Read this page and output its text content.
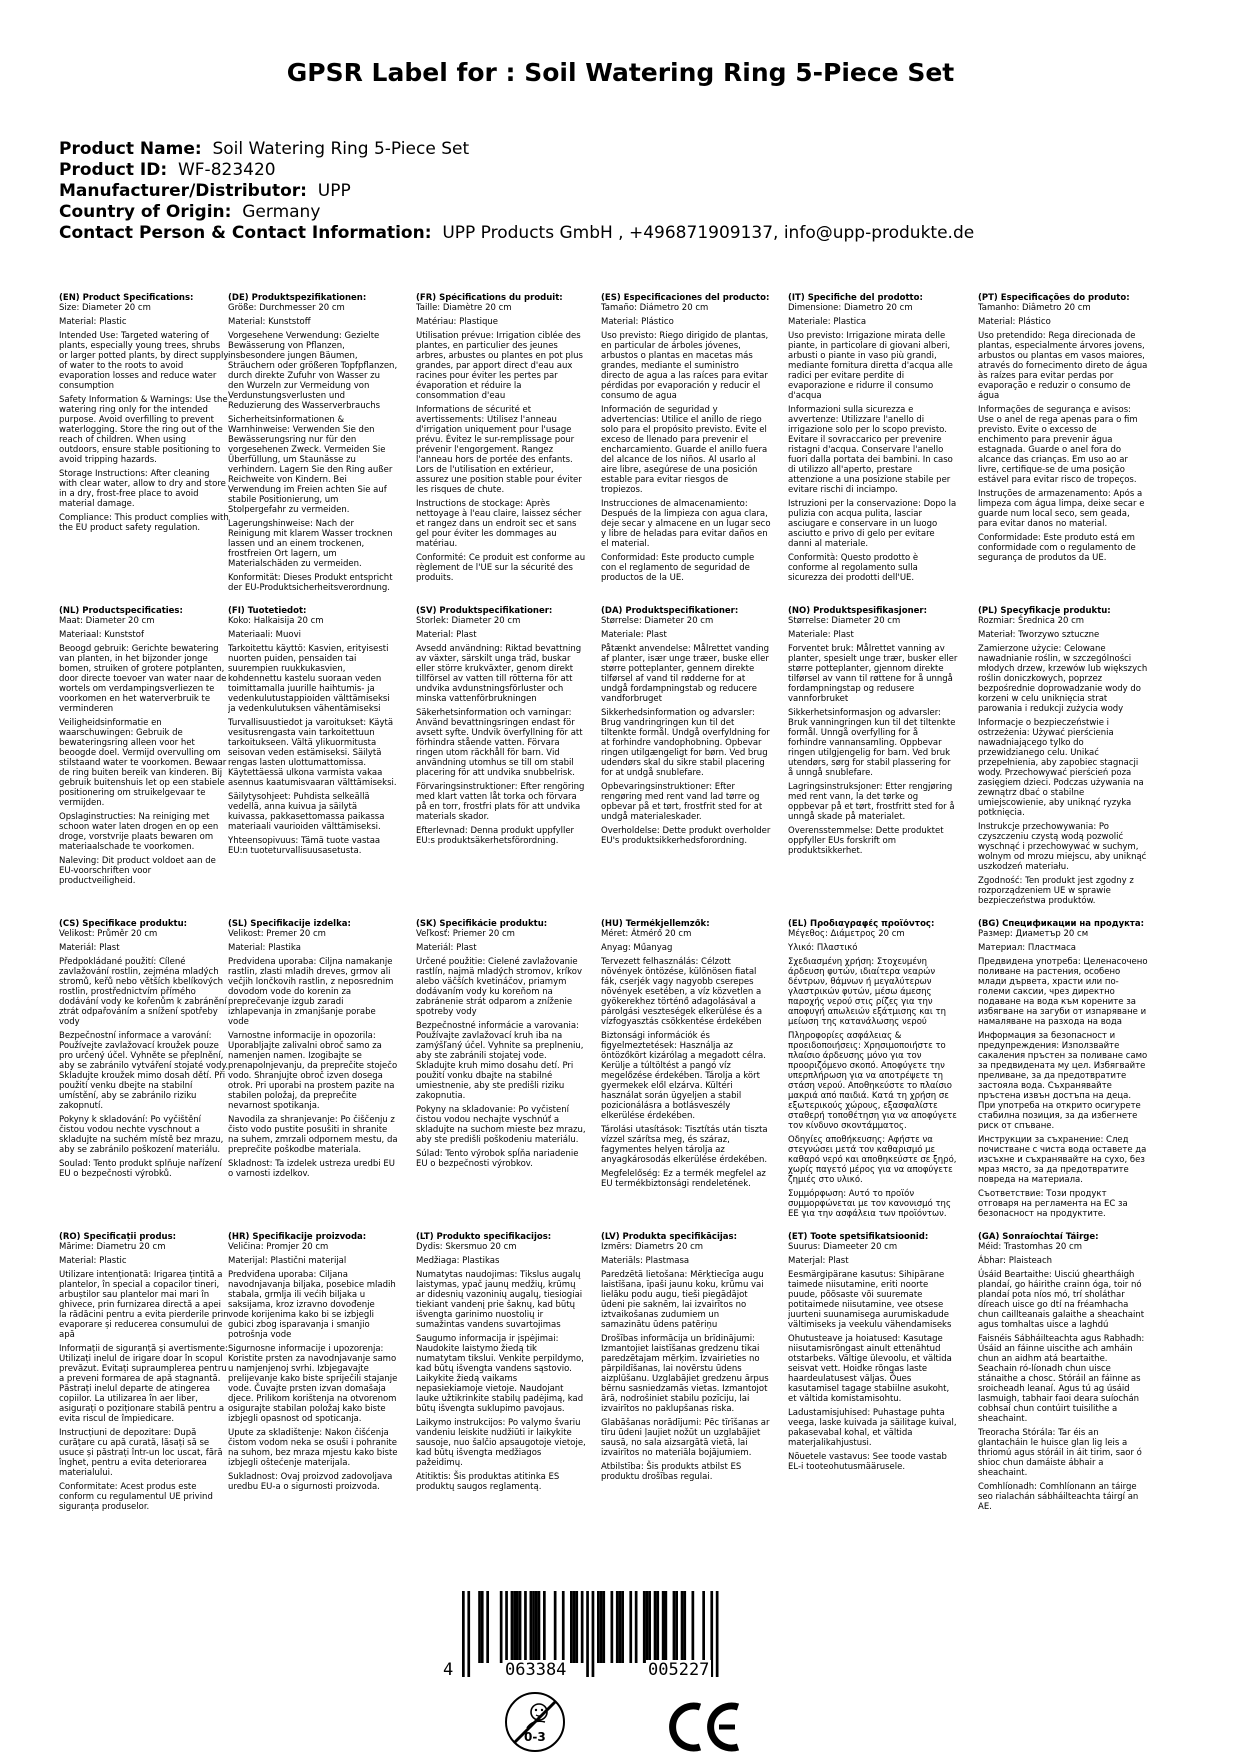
GPSR Label for : Soil Watering Ring 5-Piece Set
Product Name: Soil Watering Ring 5-Piece Set
Product ID: WF-823420
Manufacturer/Distributor: UPP
Country of Origin: Germany
Contact Person & Contact Information: UPP Products GmbH , +496871909137, info@upp-produkte.de

(EN) Product Specifications:

Size: Diameter 20 cm

Material: Plastic

Intended Use: Targeted watering of plants, especially young trees, shrubs or larger potted plants, by direct supply of water to the roots to avoid evaporation losses and reduce water consumption

Safety Information & Warnings: Use the watering ring only for the intended purpose. Avoid overfilling to prevent waterlogging. Store the ring out of the reach of children. When using outdoors, ensure stable positioning to avoid tripping hazards.

Storage Instructions: After cleaning with clear water, allow to dry and store in a dry, frost-free place to avoid material damage.

Compliance: This product complies with the EU product safety regulation.

(DE) Produktspezifikationen:

Größe: Durchmesser 20 cm

Material: Kunststoff

Vorgesehene Verwendung: Gezielte Bewässerung von Pflanzen, insbesondere jungen Bäumen, Sträuchern oder größeren Topfpflanzen, durch direkte Zufuhr von Wasser zu den Wurzeln zur Vermeidung von Verdunstungsverlusten und Reduzierung des Wasserverbrauchs

Sicherheitsinformationen & Warnhinweise: Verwenden Sie den Bewässerungsring nur für den vorgesehenen Zweck. Vermeiden Sie Überfüllung, um Staunässe zu verhindern. Lagern Sie den Ring außer Reichweite von Kindern. Bei Verwendung im Freien achten Sie auf stabile Positionierung, um Stolpergefahr zu vermeiden.

Lagerungshinweise: Nach der Reinigung mit klarem Wasser trocknen lassen und an einem trockenen, frostfreien Ort lagern, um Materialschäden zu vermeiden.

Konformität: Dieses Produkt entspricht der EU-Produktsicherheitsverordnung.

(FR) Spécifications du produit:

Taille: Diamètre 20 cm

Matériau: Plastique

Utilisation prévue: Irrigation ciblée des plantes, en particulier des jeunes arbres, arbustes ou plantes en pot plus grandes, par apport direct d'eau aux racines pour éviter les pertes par évaporation et réduire la consommation d'eau

Informations de sécurité et avertissements: Utilisez l'anneau d'irrigation uniquement pour l'usage prévu. Évitez le sur-remplissage pour prévenir l'engorgement. Rangez l'anneau hors de portée des enfants. Lors de l'utilisation en extérieur, assurez une position stable pour éviter les risques de chute.

Instructions de stockage: Après nettoyage à l'eau claire, laissez sécher et rangez dans un endroit sec et sans gel pour éviter les dommages au matériau.

Conformité: Ce produit est conforme au règlement de l'UE sur la sécurité des produits.

(ES) Especificaciones del producto:

Tamaño: Diámetro 20 cm

Material: Plástico

Uso previsto: Riego dirigido de plantas, en particular de árboles jóvenes, arbustos o plantas en macetas más grandes, mediante el suministro directo de agua a las raíces para evitar pérdidas por evaporación y reducir el consumo de agua

Información de seguridad y advertencias: Utilice el anillo de riego solo para el propósito previsto. Evite el exceso de llenado para prevenir el encharcamiento. Guarde el anillo fuera del alcance de los niños. Al usarlo al aire libre, asegúrese de una posición estable para evitar riesgos de tropiezos.

Instrucciones de almacenamiento: Después de la limpieza con agua clara, deje secar y almacene en un lugar seco y libre de heladas para evitar daños en el material.

Conformidad: Este producto cumple con el reglamento de seguridad de productos de la UE.

(IT) Specifiche del prodotto:

Dimensione: Diametro 20 cm

Materiale: Plastica

Uso previsto: Irrigazione mirata delle piante, in particolare di giovani alberi, arbusti o piante in vaso più grandi, mediante fornitura diretta d'acqua alle radici per evitare perdite di evaporazione e ridurre il consumo d'acqua

Informazioni sulla sicurezza e avvertenze: Utilizzare l'anello di irrigazione solo per lo scopo previsto. Evitare il sovraccarico per prevenire ristagni d'acqua. Conservare l'anello fuori dalla portata dei bambini. In caso di utilizzo all'aperto, prestare attenzione a una posizione stabile per evitare rischi di inciampo.

Istruzioni per la conservazione: Dopo la pulizia con acqua pulita, lasciar asciugare e conservare in un luogo asciutto e privo di gelo per evitare danni al materiale.

Conformità: Questo prodotto è conforme al regolamento sulla sicurezza dei prodotti dell'UE.

(PT) Especificações do produto:

Tamanho: Diâmetro 20 cm

Material: Plástico

Uso pretendido: Rega direcionada de plantas, especialmente árvores jovens, arbustos ou plantas em vasos maiores, através do fornecimento direto de água às raízes para evitar perdas por evaporação e reduzir o consumo de água

Informações de segurança e avisos: Use o anel de rega apenas para o fim previsto. Evite o excesso de enchimento para prevenir água estagnada. Guarde o anel fora do alcance das crianças. Em uso ao ar livre, certifique-se de uma posição estável para evitar risco de tropeços.

Instruções de armazenamento: Após a limpeza com água limpa, deixe secar e guarde num local seco, sem geada, para evitar danos no material.

Conformidade: Este produto está em conformidade com o regulamento de segurança de produtos da UE.

(NL) Productspecificaties:

Maat: Diameter 20 cm

Materiaal: Kunststof

Beoogd gebruik: Gerichte bewatering van planten, in het bijzonder jonge bomen, struiken of grotere potplanten, door directe toevoer van water naar de wortels om verdampingsverliezen te voorkomen en het waterverbruik te verminderen

Veiligheidsinformatie en waarschuwingen: Gebruik de bewateringsring alleen voor het beoogde doel. Vermijd overvulling om stilstaand water te voorkomen. Bewaar de ring buiten bereik van kinderen. Bij gebruik buitenshuis let op een stabiele positionering om struikelgevaar te vermijden.

Opslaginstructies: Na reiniging met schoon water laten drogen en op een droge, vorstvrije plaats bewaren om materiaalschade te voorkomen.

Naleving: Dit product voldoet aan de EU-voorschriften voor productveiligheid.

(FI) Tuotetiedot:

Koko: Halkaisija 20 cm

Materiaali: Muovi

Tarkoitettu käyttö: Kasvien, erityisesti nuorten puiden, pensaiden tai suurempien ruukkukasvien, kohdennettu kastelu suoraan veden toimittamalla juurille haihtumis- ja vedenkulutustappioiden välttämiseksi ja vedenkulutuksen vähentämiseksi

Turvallisuustiedot ja varoitukset: Käytä vesitusrengasta vain tarkoitettuun tarkoitukseen. Vältä ylikuormitusta seisovan veden estämiseksi. Säilytä rengas lasten ulottumattomissa. Käytettäessä ulkona varmista vakaa asennus kaatumisvaaran välttämiseksi.

Säilytysohjeet: Puhdista selkeällä vedellä, anna kuivua ja säilytä kuivassa, pakkasettomassa paikassa materiaali vaurioiden välttämiseksi.

Yhteensopivuus: Tämä tuote vastaa EU:n tuoteturvallisuusasetusta.

(SV) Produktspecifikationer:

Storlek: Diameter 20 cm

Material: Plast

Avsedd användning: Riktad bevattning av växter, särskilt unga träd, buskar eller större krukväxter, genom direkt tillförsel av vatten till rötterna för att undvika avdunstningsförluster och minska vattenförbrukningen

Säkerhetsinformation och varningar: Använd bevattningsringen endast för avsett syfte. Undvik överfyllning för att förhindra stående vatten. Förvara ringen utom räckhåll för barn. Vid användning utomhus se till om stabil placering för att undvika snubbelrisk.

Förvaringsinstruktioner: Efter rengöring med klart vatten låt torka och förvara på en torr, frostfri plats för att undvika materials skador.

Efterlevnad: Denna produkt uppfyller EU:s produktsäkerhetsförordning.

(DA) Produktspecifikationer:

Størrelse: Diameter 20 cm

Materiale: Plast

Påtænkt anvendelse: Målrettet vanding af planter, især unge træer, buske eller større potteplanter, gennem direkte tilførsel af vand til rødderne for at undgå fordampningstab og reducere vandforbruget

Sikkerhedsinformation og advarsler: Brug vandringringen kun til det tiltenkte formål. Undgå overfyldning for at forhindre vandophobning. Opbevar ringen utilgængeligt for børn. Ved brug udendørs skal du sikre stabil placering for at undgå snublefare.

Opbevaringsinstruktioner: Efter rengøring med rent vand lad tørre og opbevar på et tørt, frostfrit sted for at undgå materialeskader.

Overholdelse: Dette produkt overholder EU's produktsikkerhedsforordning.

(NO) Produktspesifikasjoner:

Størrelse: Diameter 20 cm

Materiale: Plast

Forventet bruk: Målrettet vanning av planter, spesielt unge trær, busker eller større potteplanter, gjennom direkte tilførsel av vann til røttene for å unngå fordampningstap og redusere vannforbruket

Sikkerhetsinformasjon og advarsler: Bruk vanningringen kun til det tiltenkte formål. Unngå overfylling for å forhindre vannansamling. Oppbevar ringen utilgjengelig for barn. Ved bruk utendørs, sørg for stabil plassering for å unngå snublefare.

Lagringsinstruksjoner: Etter rengjøring med rent vann, la det tørke og oppbevar på et tørt, frostfritt sted for å unngå skade på materialet.

Overensstemmelse: Dette produktet oppfyller EUs forskrift om produktsikkerhet.

(PL) Specyfikacje produktu:

Rozmiar: Średnica 20 cm

Materiał: Tworzywo sztuczne

Zamierzone użycie: Celowane nawadnianie roślin, w szczególności młodych drzew, krzewów lub większych roślin doniczkowych, poprzez bezpośrednie doprowadzanie wody do korzeni w celu uniknięcia strat parowania i redukcji zużycia wody

Informacje o bezpieczeństwie i ostrzeżenia: Używać pierścienia nawadniającego tylko do przewidzianego celu. Unikać przepełnienia, aby zapobiec stagnacji wody. Przechowywać pierścień poza zasięgiem dzieci. Podczas używania na zewnątrz dbać o stabilne umiejscowienie, aby uniknąć ryzyka potknięcia.

Instrukcje przechowywania: Po czyszczeniu czystą wodą pozwolić wyschnąć i przechowywać w suchym, wolnym od mrozu miejscu, aby uniknąć uszkodzeń materiału.

Zgodność: Ten produkt jest zgodny z rozporządzeniem UE w sprawie bezpieczeństwa produktów.

(CS) Specifikace produktu:

Velikost: Průměr 20 cm

Materiál: Plast

Předpokládané použití: Cílené zavlažování rostlin, zejména mladých stromů, keřů nebo větších kbelíkových rostlin, prostřednictvím přímého dodávání vody ke kořenům k zabránění ztrát odpařováním a snížení spotřeby vody

Bezpečnostní informace a varování: Používejte zavlažovací kroužek pouze pro určený účel. Vyhněte se přeplnění, aby se zabránilo vytváření stojaté vody. Skladujte kroužek mimo dosah dětí. Při použití venku dbejte na stabilní umístění, aby se zabránilo riziku zakopnutí.

Pokyny k skladování: Po vyčištění čistou vodou nechte vyschnout a skladujte na suchém místě bez mrazu, aby se zabránilo poškození materiálu.

Soulad: Tento produkt splňuje nařízení EU o bezpečnosti výrobků.

(SL) Specifikacije izdelka:

Velikost: Premer 20 cm

Material: Plastika

Predvidena uporaba: Ciljna namakanje rastlin, zlasti mladih dreves, grmov ali večjih lončkovih rastlin, z neposrednim dovodom vode do korenin za preprečevanje izgub zaradi izhlapevanja in zmanjšanje porabe vode

Varnostne informacije in opozorila: Uporabljajte zalivalni obroč samo za namenjen namen. Izogibajte se prenapolnjevanju, da preprečite stoječo vodo. Shranjujte obroč izven dosega otrok. Pri uporabi na prostem pazite na stabilen položaj, da preprečite nevarnost spotikanja.

Navodila za shranjevanje: Po čiščenju z čisto vodo pustite posušiti in shranite na suhem, zmrzali odpornem mestu, da preprečite poškodbe materiala.

Skladnost: Ta izdelek ustreza uredbi EU o varnosti izdelkov.

(SK) Špecifikácie produktu:

Veľkosť: Priemer 20 cm

Materiál: Plast

Určené použitie: Cielené zavlažovanie rastlín, najmä mladých stromov, kríkov alebo väčších kvetináčov, priamym dodávaním vody ku koreňom na zabránenie strát odparom a zníženie spotreby vody

Bezpečnostné informácie a varovania: Používajte zavlažovací kruh iba na zamýšľaný účel. Vyhnite sa preplneniu, aby ste zabránili stojatej vode. Skladujte kruh mimo dosahu detí. Pri použití vonku dbajte na stabilné umiestnenie, aby ste predišli riziku zakopnutia.

Pokyny na skladovanie: Po vyčistení čistou vodou nechajte vyschnúť a skladujte na suchom mieste bez mrazu, aby ste predišli poškodeniu materiálu.

Súlad: Tento výrobok spĺňa nariadenie EU o bezpečnosti výrobkov.

(HU) Termékjellemzők:

Méret: Átmérő 20 cm

Anyag: Műanyag

Tervezett felhasználás: Célzott növények öntözése, különösen fiatal fák, cserjék vagy nagyobb cserepes növények esetében, a víz közvetlen a gyökerekhez történő adagolásával a párolgási veszteségek elkerülése és a vízfogyasztás csökkentése érdekében

Biztonsági információk és figyelmeztetések: Használja az öntözőkört kizárólag a megadott célra. Kerülje a túltöltést a pangó víz megelőzése érdekében. Tárolja a kört gyermekek elől elzárva. Kültéri használat során ügyeljen a stabil pozicionálásra a botlásveszély elkerülése érdekében.

Tárolási utasítások: Tisztítás után tiszta vízzel szárítsa meg, és száraz, fagymentes helyen tárolja az anyagkárosodás elkerülése érdekében.

Megfelelőség: Ez a termék megfelel az EU termékbiztonsági rendeletének.

(EL) Προδιαγραφές προϊόντος:

Μέγεθος: Διάμετρος 20 cm

Υλικό: Πλαστικό

Σχεδιασμένη χρήση: Στοχευμένη άρδευση φυτών, ιδιαίτερα νεαρών δέντρων, θάμνων ή μεγαλύτερων γλαστρικών φυτών, μέσω άμεσης παροχής νερού στις ρίζες για την αποφυγή απωλειών εξάτμισης και τη μείωση της κατανάλωσης νερού

Πληροφορίες ασφάλειας & προειδοποιήσεις: Χρησιμοποιήστε το πλαίσιο άρδευσης μόνο για τον προοριζόμενο σκοπό. Αποφύγετε την υπερπλήρωση για να αποτρέψετε τη στάση νερού. Αποθηκεύστε το πλαίσιο μακριά από παιδιά. Κατά τη χρήση σε εξωτερικούς χώρους, εξασφαλίστε σταθερή τοποθέτηση για να αποφύγετε τον κίνδυνο σκοντάμματος.

Οδηγίες αποθήκευσης: Αφήστε να στεγνώσει μετά τον καθαρισμό με καθαρό νερό και αποθηκεύστε σε ξηρό, χωρίς παγετό μέρος για να αποφύγετε ζημιές στο υλικό.

Συμμόρφωση: Αυτό το προϊόν συμμορφώνεται με τον κανονισμό της ΕΕ για την ασφάλεια των προϊόντων.

(BG) Спецификации на продукта:

Размер: Диаметър 20 см

Материал: Пластмаса

Предвидена употреба: Целенасочено поливане на растения, особено млади дървета, храсти или по-големи саксии, чрез директно подаване на вода към корените за избягване на загуби от изпаряване и намаляване на разхода на вода

Информация за безопасност и предупреждения: Използвайте сакаления пръстен за поливане само за предвидената му цел. Избягвайте преливане, за да предотвратите застояла вода. Съхранявайте пръстена извън достъпа на деца. При употреба на открито осигурете стабилна позиция, за да избегнете риск от спъване.

Инструкции за съхранение: След почистване с чиста вода оставете да изсъхне и съхранявайте на сухо, без мраз място, за да предотвратите повреда на материала.

Съответствие: Този продукт отговаря на регламента на ЕС за безопасност на продуктите.

(RO) Specificații produs:

Mărime: Diametru 20 cm

Material: Plastic

Utilizare intenționată: Irigarea țintită a plantelor, în special a copacilor tineri, arbuștilor sau plantelor mai mari în ghivece, prin furnizarea directă a apei la rădăcini pentru a evita pierderile prin evaporare și reducerea consumului de apă

Informații de siguranță și avertismente: Utilizați inelul de irigare doar în scopul prevăzut. Evitați supraumplerea pentru a preveni formarea de apă stagnantă. Păstrați inelul departe de atingerea copiilor. La utilizarea în aer liber, asigurați o poziționare stabilă pentru a evita riscul de împiedicare.

Instrucțiuni de depozitare: După curățare cu apă curată, lăsați să se usuce și păstrați într-un loc uscat, fără înghet, pentru a evita deteriorarea materialului.

Conformitate: Acest produs este conform cu regulamentul UE privind siguranța produselor.

(HR) Specifikacije proizvoda:

Veličina: Promjer 20 cm

Materijal: Plastični materijal

Predviđena uporaba: Ciljana navodnjavanja biljaka, posebice mladih stabala, grmlja ili većih biljaka u saksijama, kroz izravno dovođenje vode korijenima kako bi se izbjegli gubici zbog isparavanja i smanjio potrošnja vode

Sigurnosne informacije i upozorenja: Koristite prsten za navodnjavanje samo u namjenjenoj svrhi. Izbjegavajte prelijevanje kako biste spriječili stajanje vode. Čuvajte prsten izvan domašaja djece. Prilikom korištenja na otvorenom osigurajte stabilan položaj kako biste izbjegli opasnost od spoticanja.

Upute za skladištenje: Nakon čišćenja čistom vodom neka se osuši i pohranite na suhom, bez mraza mjestu kako biste izbjegli oštećenje materijala.

Sukladnost: Ovaj proizvod zadovoljava uredbu EU-a o sigurnosti proizvoda.

(LT) Produkto specifikacijos:

Dydis: Skersmuo 20 cm

Medžiaga: Plastikas

Numatytas naudojimas: Tikslus augalų laistymas, ypač jaunų medžių, krūmų ar didesnių vazoninių augalų, tiesiogiai tiekiant vandenį prie šaknų, kad būtų išvengta garinimo nuostolių ir sumažintas vandens suvartojimas

Saugumo informacija ir įspėjimai: Naudokite laistymo žiedą tik numatytam tikslui. Venkite perpildymo, kad būtų išvengta vandens sąstovio. Laikykite žiedą vaikams nepasiekiamoje vietoje. Naudojant lauke užtikrinkite stabilų padėjimą, kad būtų išvengta suklupimo pavojaus.

Laikymo instrukcijos: Po valymo švariu vandeniu leiskite nudžiūti ir laikykite sausoje, nuo šalčio apsaugotoje vietoje, kad būtų išvengta medžiagos pažeidimų.

Atitiktis: Šis produktas atitinka ES produktų saugos reglamentą.

(LV) Produkta specifikācijas:

Izmērs: Diametrs 20 cm

Materiāls: Plastmasa

Paredzētā lietošana: Mērķtiecīga augu laistīšana, īpaši jaunu koku, krūmu vai lielāku podu augu, tieši piegādājot ūdeni pie saknēm, lai izvairītos no iztvaikošanas zudumiem un samazinātu ūdens patēriņu

Drošības informācija un brīdinājumi: Izmantojiet laistīšanas gredzenu tikai paredzētajam mērķim. Izvairieties no pārpildīšanas, lai novērstu ūdens aizplūšanu. Uzglabājiet gredzenu ārpus bērnu sasniedzamās vietas. Izmantojot ārā, nodrošiniet stabilu pozīciju, lai izvairītos no paklupšanas riska.

Glabāšanas norādījumi: Pēc tīrīšanas ar tīru ūdeni ļaujiet nožūt un uzglabājiet sausā, no sala aizsargātā vietā, lai izvairītos no materiāla bojājumiem.

Atbilstība: Šis produkts atbilst ES produktu drošības regulai.

(ET) Toote spetsifikatsioonid:

Suurus: Diameeter 20 cm

Materjal: Plast

Eesmärgipärane kasutus: Sihipärane taimede niisutamine, eriti noorte puude, põõsaste või suuremate potitaimede niisutamine, vee otsese juurteni suunamisega aurumiskadude vältimiseks ja veekulu vähendamiseks

Ohutusteave ja hoiatused: Kasutage niisutamisrõngast ainult ettenähtud otstarbeks. Vältige ülevoolu, et vältida seisvat vett. Hoidke rõngas laste haardeulatusest väljas. Õues kasutamisel tagage stabiilne asukoht, et vältida komistamisohtu.

Ladustamisjuhised: Puhastage puhta veega, laske kuivada ja säilitage kuival, pakasevabal kohal, et vältida materjalikahjustusi.

Nõuetele vastavus: See toode vastab EL-i tooteohutusmäärusele.

(GA) Sonraíochtaí Táirge:

Méid: Trastomhas 20 cm

Ábhar: Plaisteach

Úsáid Beartaithe: Uisciú gheartháigh plandaí, go háirithe crainn óga, toir nó plandaí pota níos mó, trí sholáthar díreach uisce go dtí na fréamhacha chun caillteanais galaithe a sheachaint agus tomhaltas uisce a laghdú

Faisnéis Sábháilteachta agus Rabhadh: Úsáid an fáinne uiscithe ach amháin chun an aidhm atá beartaithe. Seachain ró-líonadh chun uisce stánaithe a chosc. Stóráil an fáinne as sroicheadh leanaí. Agus tú ag úsáid lasmuigh, tabhair faoi deara suíochán cobhsaí chun contúirt tuisilithe a sheachaint.

Treoracha Stórála: Tar éis an glantacháin le huisce glan lig leis a thriomú agus stóráil in áit tirim, saor ó shioc chun damáiste ábhair a sheachaint.

Comhlíonadh: Comhlíonann an táirge seo rialachán sábháilteachta táirgí an AE.

4	063384	005227
0-3
